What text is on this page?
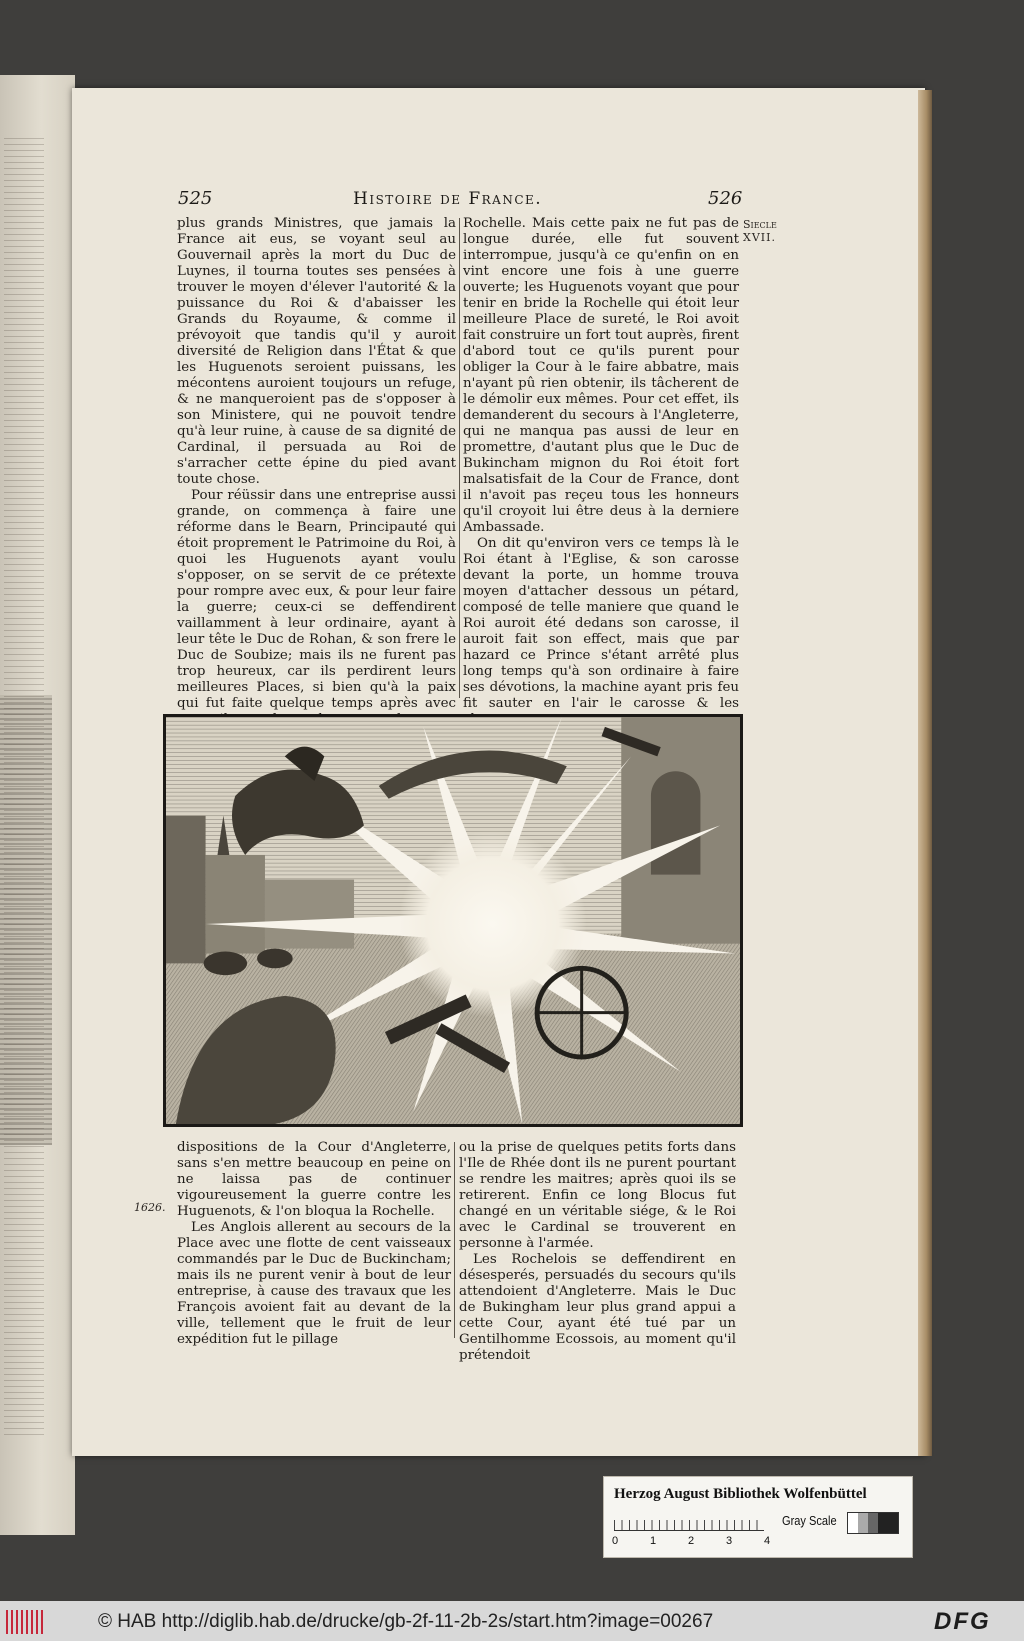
525	Histoire de France.	526
Siecle
XVII.
1626.

plus grands Ministres, que jamais la France ait eus, se voyant seul au Gouvernail après la mort du Duc de Luynes, il tourna toutes ses pensées à trouver le moyen d'élever l'autorité & la puissance du Roi & d'abaisser les Grands du Royaume, & comme il prévoyoit que tandis qu'il y auroit diversité de Religion dans l'État & que les Huguenots seroient puissans, les mécontens auroient toujours un refuge, & ne manqueroient pas de s'opposer à son Ministere, qui ne pouvoit tendre qu'à leur ruine, à cause de sa dignité de Cardinal, il persuada au Roi de s'arracher cette épine du pied avant toute chose.

Pour réüssir dans une entreprise aussi grande, on commença à faire une réforme dans le Bearn, Principauté qui étoit proprement le Patrimoine du Roi, à quoi les Huguenots ayant voulu s'opposer, on se servit de ce prétexte pour rompre avec eux, & pour leur faire la guerre; ceux-ci se deffendirent vaillamment à leur ordinaire, ayant à leur tête le Duc de Rohan, & son frere le Duc de Soubize; mais ils ne furent pas trop heureux, car ils perdirent leurs meilleures Places, si bien qu'à la paix qui fut faite quelque temps après avec

Rochelle. Mais cette paix ne fut pas de longue durée, elle fut souvent interrompue, jusqu'à ce qu'enfin on en vint encore une fois à une guerre ouverte; les Huguenots voyant que pour tenir en bride la Rochelle qui étoit leur meilleure Place de sureté, le Roi avoit fait construire un fort tout auprès, firent d'abord tout ce qu'ils purent pour obliger la Cour à le faire abbatre, mais n'ayant pû rien obtenir, ils tâcherent de le démolir eux mêmes. Pour cet effet, ils demanderent du secours à l'Angleterre, qui ne manqua pas aussi de leur en promettre, d'autant plus que le Duc de Bukincham mignon du Roi étoit fort malsatisfait de la Cour de France, dont il n'avoit pas reçeu tous les honneurs qu'il croyoit lui être deus à la derniere Ambassade.

On dit qu'environ vers ce temps là le Roi étant à l'Eglise, & son carosse devant la porte, un homme trouva moyen d'attacher dessous un pétard, composé de telle maniere que quand le Roi auroit été dedans son carosse, il auroit fait son effect, mais que par hazard ce Prince s'étant arrêté plus long temps qu'à son ordinaire à faire ses dévotions, la machine ayant pris feu fit sauter en l'air le carosse & les

dispositions de la Cour d'Angleterre, sans s'en mettre beaucoup en peine on ne laissa pas de continuer vigoureusement la guerre contre les Huguenots, & l'on bloqua la Rochelle.

Les Anglois allerent au secours de la Place avec une flotte de cent vaisseaux commandés par le Duc de Buckincham; mais ils ne purent venir à bout de leur entreprise, à cause des travaux que les François avoient fait au devant de la ville, tellement que le fruit de leur expédition fut le pillage

ou la prise de quelques petits forts dans l'Ile de Rhée dont ils ne purent pourtant se rendre les maitres; après quoi ils se retirerent. Enfin ce long Blocus fut changé en un véritable siége, & le Roi avec le Cardinal se trouverent en personne à l'armée.

Les Rochelois se deffendirent en désesperés, persuadés du secours qu'ils attendoient d'Angleterre. Mais le Duc de Bukingham leur plus grand appui a cette Cour, ayant été tué par un Gentilhomme Ecossois, au moment qu'il prétendoit

Herzog August Bibliothek Wolfenbüttel
0	1	2	3	4
Gray Scale
© HAB http://diglib.hab.de/drucke/gb-2f-11-2b-2s/start.htm?image=00267	DFG
